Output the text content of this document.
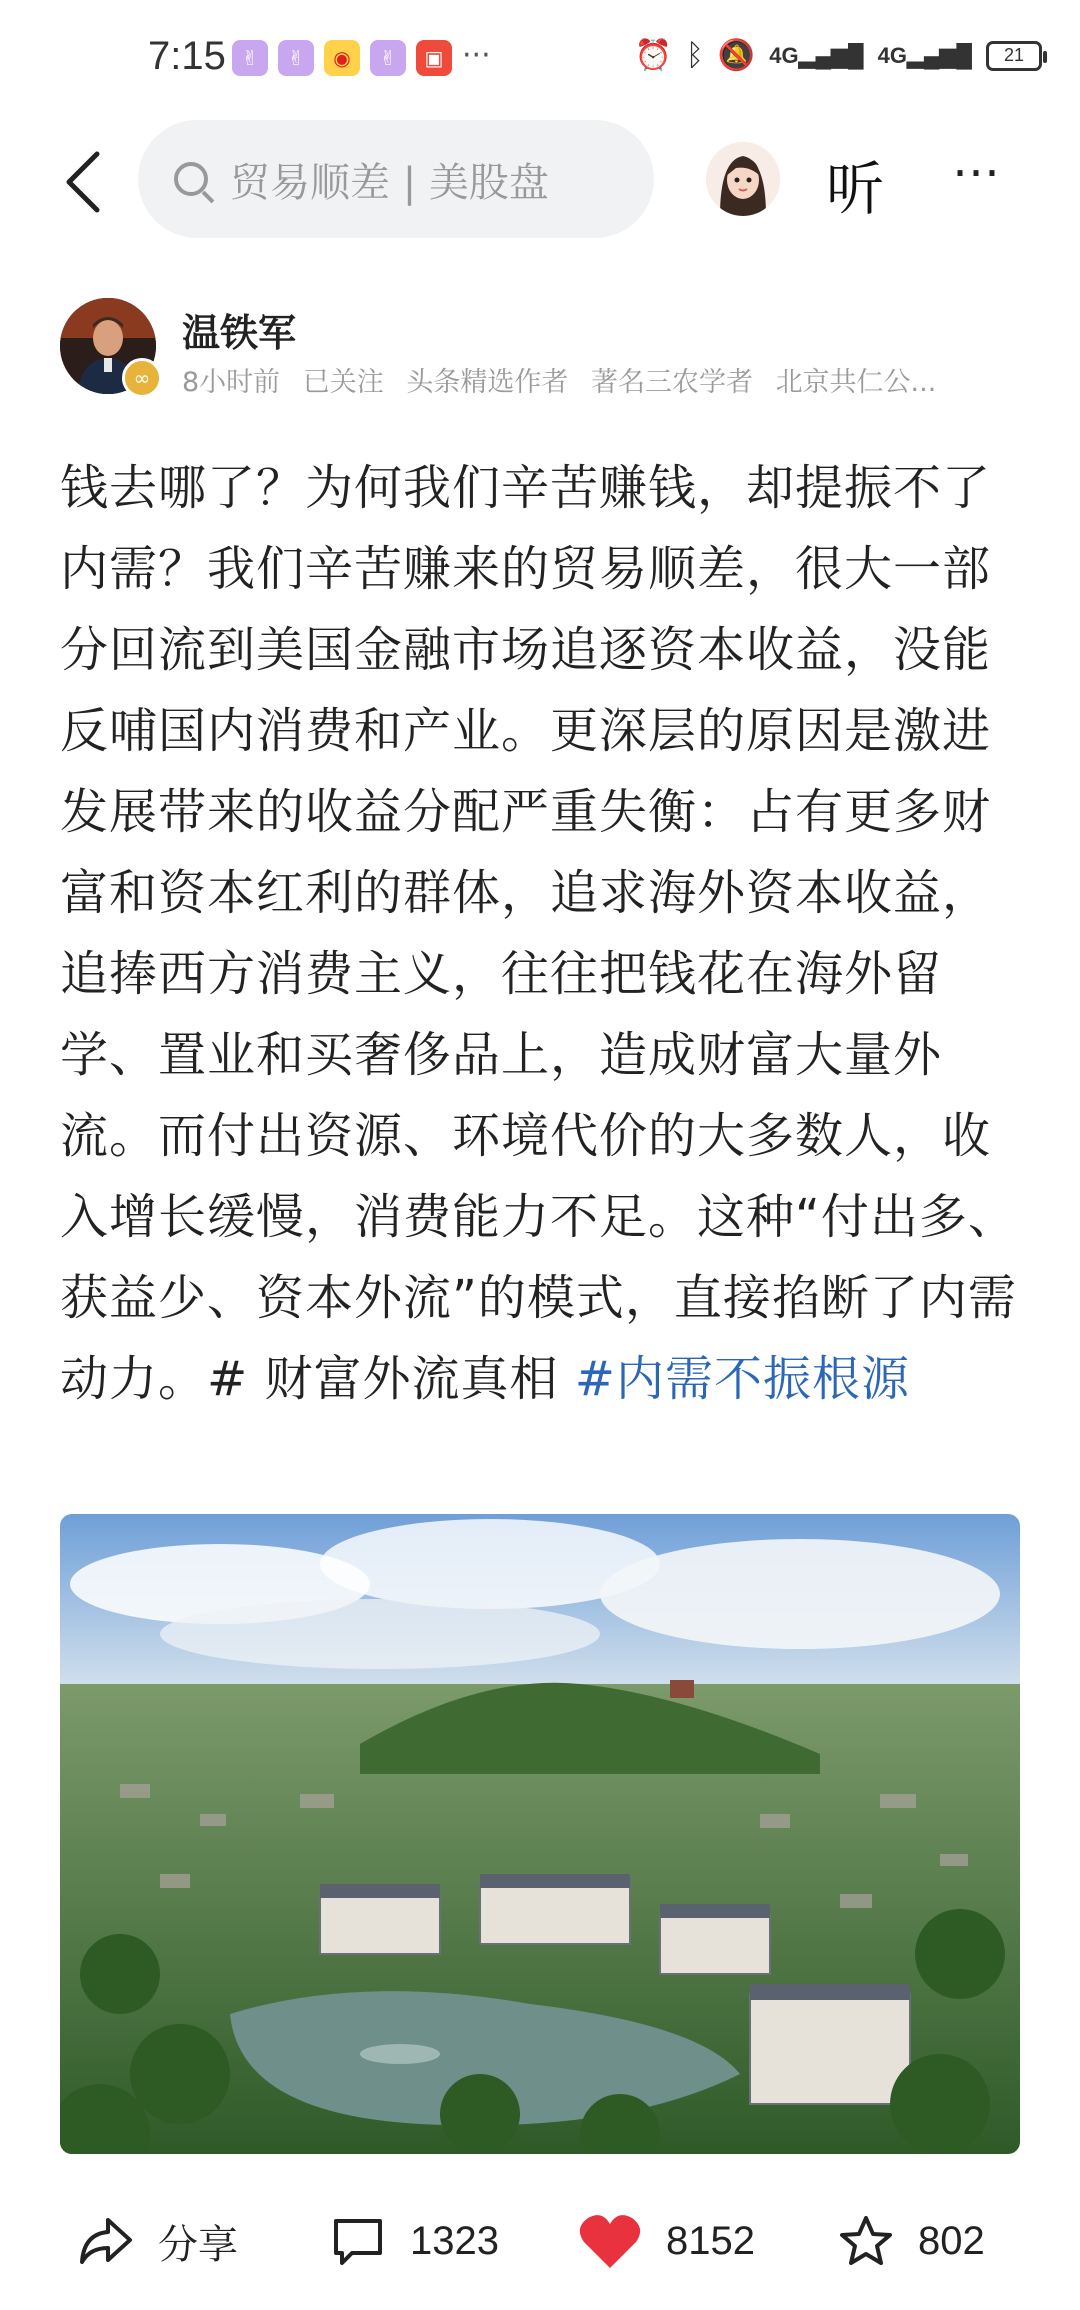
7:15 ✌	✌	◉	✌	▣ ···	⏰ ᛒ 🔕 4G▂▄▆█ 4G▂▄▆█ 21
贸易顺差 | 美股盘	听 ⋯
∞
温铁军
8小时前 已关注 头条精选作者 著名三农学者 北京共仁公...
钱去哪了？为何我们辛苦赚钱，却提振不了内需？我们辛苦赚来的贸易顺差，很大一部分回流到美国金融市场追逐资本收益，没能反哺国内消费和产业。更深层的原因是激进发展带来的收益分配严重失衡：占有更多财富和资本红利的群体，追求海外资本收益，追捧西方消费主义，往往把钱花在海外留学、置业和买奢侈品上，造成财富大量外流。而付出资源、环境代价的大多数人，收入增长缓慢，消费能力不足。这种“付出多、获益少、资本外流”的模式，直接掐断了内需动力。# 财富外流真相 #内需不振根源
分享	1323	8152	802
